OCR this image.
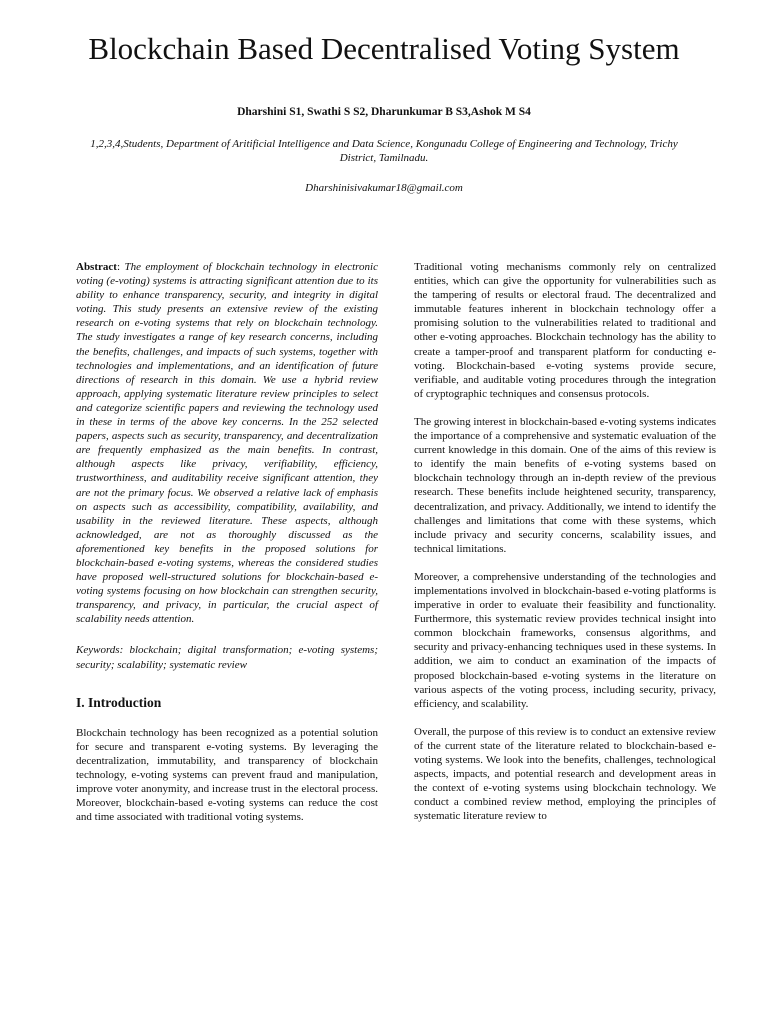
Blockchain Based Decentralised Voting System
Dharshini S1, Swathi S S2, Dharunkumar B S3,Ashok M S4
1,2,3,4,Students, Department of Aritificial Intelligence and Data Science, Kongunadu College of Engineering and Technology, Trichy District, Tamilnadu.
Dharshinisivakumar18@gmail.com

Abstract: The employment of blockchain technology in electronic voting (e-voting) systems is attracting significant attention due to its ability to enhance transparency, security, and integrity in digital voting. This study presents an extensive review of the existing research on e-voting systems that rely on blockchain technology. The study investigates a range of key research concerns, including the benefits, challenges, and impacts of such systems, together with technologies and implementations, and an identification of future directions of research in this domain. We use a hybrid review approach, applying systematic literature review principles to select and categorize scientific papers and reviewing the technology used in these in terms of the above key concerns. In the 252 selected papers, aspects such as security, transparency, and decentralization are frequently emphasized as the main benefits. In contrast, although aspects like privacy, verifiability, efficiency, trustworthiness, and auditability receive significant attention, they are not the primary focus. We observed a relative lack of emphasis on aspects such as accessibility, compatibility, availability, and usability in the reviewed literature. These aspects, although acknowledged, are not as thoroughly discussed as the aforementioned key benefits in the proposed solutions for blockchain-based e-voting systems, whereas the considered studies have proposed well-structured solutions for blockchain-based e-voting systems focusing on how blockchain can strengthen security, transparency, and privacy, in particular, the crucial aspect of scalability needs attention.

Keywords: blockchain; digital transformation; e-voting systems; security; scalability; systematic review

I. Introduction

Blockchain technology has been recognized as a potential solution for secure and transparent e-voting systems. By leveraging the decentralization, immutability, and transparency of blockchain technology, e-voting systems can prevent fraud and manipulation, improve voter anonymity, and increase trust in the electoral process. Moreover, blockchain-based e-voting systems can reduce the cost and time associated with traditional voting systems.

Traditional voting mechanisms commonly rely on centralized entities, which can give the opportunity for vulnerabilities such as the tampering of results or electoral fraud. The decentralized and immutable features inherent in blockchain technology offer a promising solution to the vulnerabilities related to traditional and other e-voting approaches. Blockchain technology has the ability to create a tamper-proof and transparent platform for conducting e-voting. Blockchain-based e-voting systems provide secure, verifiable, and auditable voting procedures through the integration of cryptographic techniques and consensus protocols.

The growing interest in blockchain-based e-voting systems indicates the importance of a comprehensive and systematic evaluation of the current knowledge in this domain. One of the aims of this review is to identify the main benefits of e-voting systems based on blockchain technology through an in-depth review of the previous research. These benefits include heightened security, transparency, decentralization, and privacy. Additionally, we intend to identify the challenges and limitations that come with these systems, which include privacy and security concerns, scalability issues, and technical limitations.

Moreover, a comprehensive understanding of the technologies and implementations involved in blockchain-based e-voting platforms is imperative in order to evaluate their feasibility and functionality. Furthermore, this systematic review provides technical insight into common blockchain frameworks, consensus algorithms, and security and privacy-enhancing techniques used in these systems. In addition, we aim to conduct an examination of the impacts of proposed blockchain-based e-voting systems in the literature on various aspects of the voting process, including security, privacy, efficiency, and scalability.

Overall, the purpose of this review is to conduct an extensive review of the current state of the literature related to blockchain-based e-voting systems. We look into the benefits, challenges, technological aspects, impacts, and potential research and development areas in the context of e-voting systems using blockchain technology. We conduct a combined review method, employing the principles of systematic literature review to
